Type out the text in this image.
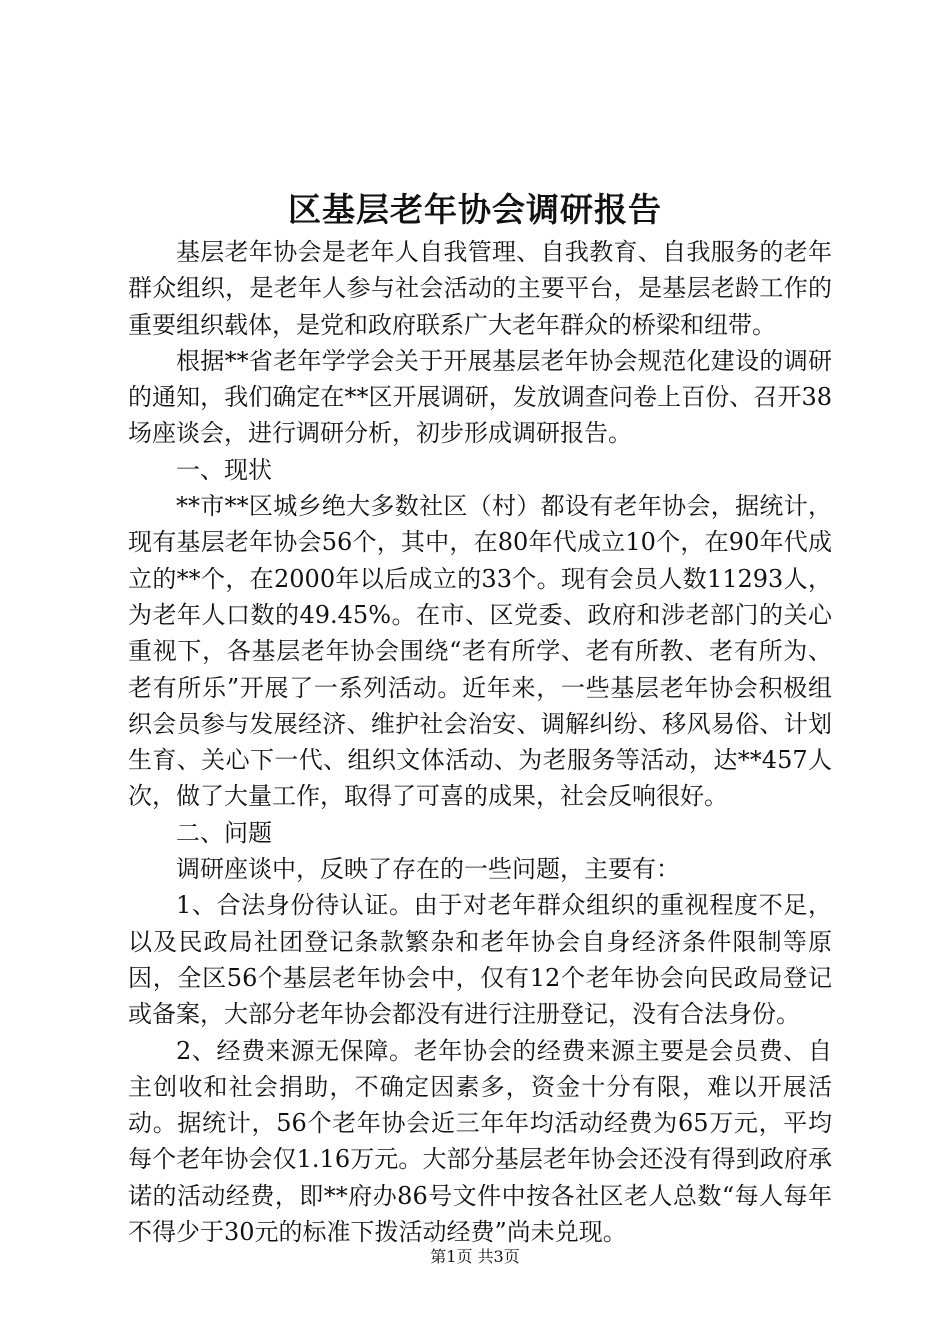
区基层老年协会调研报告

基层老年协会是老年人自我管理、自我教育、自我服务的老年群众组织，是老年人参与社会活动的主要平台，是基层老龄工作的重要组织载体，是党和政府联系广大老年群众的桥梁和纽带。

根据**省老年学学会关于开展基层老年协会规范化建设的调研的通知，我们确定在**区开展调研，发放调查问卷上百份、召开38场座谈会，进行调研分析，初步形成调研报告。

一、现状

**市**区城乡绝大多数社区（村）都设有老年协会，据统计，现有基层老年协会56个，其中，在80年代成立10个，在90年代成立的**个，在2000年以后成立的33个。现有会员人数11293人，为老年人口数的49.45%。在市、区党委、政府和涉老部门的关心重视下，各基层老年协会围绕“老有所学、老有所教、老有所为、老有所乐”开展了一系列活动。近年来，一些基层老年协会积极组织会员参与发展经济、维护社会治安、调解纠纷、移风易俗、计划生育、关心下一代、组织文体活动、为老服务等活动，达**457人次，做了大量工作，取得了可喜的成果，社会反响很好。

二、问题

调研座谈中，反映了存在的一些问题，主要有：

1、合法身份待认证。由于对老年群众组织的重视程度不足，以及民政局社团登记条款繁杂和老年协会自身经济条件限制等原因，全区56个基层老年协会中，仅有12个老年协会向民政局登记或备案，大部分老年协会都没有进行注册登记，没有合法身份。

2、经费来源无保障。老年协会的经费来源主要是会员费、自主创收和社会捐助，不确定因素多，资金十分有限，难以开展活动。据统计，56个老年协会近三年年均活动经费为65万元，平均每个老年协会仅1.16万元。大部分基层老年协会还没有得到政府承诺的活动经费，即**府办86号文件中按各社区老人总数“每人每年不得少于30元的标准下拨活动经费”尚未兑现。

第1页 共3页
